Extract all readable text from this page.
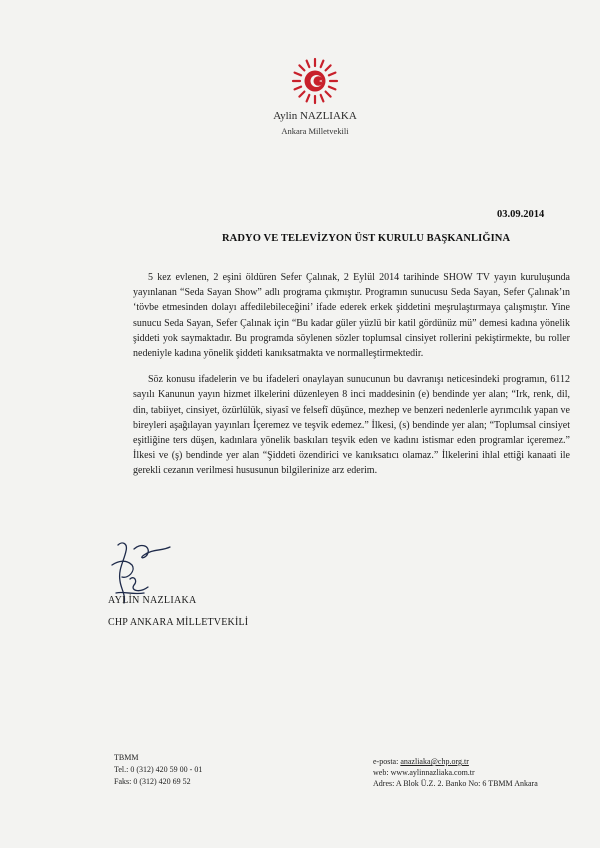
Aylin NAZLIAKA
Ankara Milletvekili
03.09.2014
RADYO VE TELEVİZYON ÜST KURULU BAŞKANLIĞINA

5 kez evlenen, 2 eşini öldüren Sefer Çalınak, 2 Eylül 2014 tarihinde SHOW TV yayın kuruluşunda yayınlanan “Seda Sayan Show” adlı programa çıkmıştır. Programın sunucusu Seda Sayan, Sefer Çalınak’ın ‘tövbe etmesinden dolayı affedilebileceğini’ ifade ederek erkek şiddetini meşrulaştırmaya çalışmıştır. Yine sunucu Seda Sayan, Sefer Çalınak için “Bu kadar güler yüzlü bir katil gördünüz mü” demesi kadına yönelik şiddeti yok saymaktadır. Bu programda söylenen sözler toplumsal cinsiyet rollerini pekiştirmekte, bu roller nedeniyle kadına yönelik şiddeti kanıksatmakta ve normalleştirmektedir.

Söz konusu ifadelerin ve bu ifadeleri onaylayan sunucunun bu davranışı neticesindeki programın, 6112 sayılı Kanunun yayın hizmet ilkelerini düzenleyen 8 inci maddesinin (e) bendinde yer alan; “Irk, renk, dil, din, tabiiyet, cinsiyet, özürlülük, siyasî ve felsefî düşünce, mezhep ve benzeri nedenlerle ayrımcılık yapan ve bireyleri aşağılayan yayınları İçeremez ve teşvik edemez.” İlkesi, (s) bendinde yer alan; “Toplumsal cinsiyet eşitliğine ters düşen, kadınlara yönelik baskıları teşvik eden ve kadını istismar eden programlar içeremez.” İlkesi ve (ş) bendinde yer alan “Şiddeti özendirici ve kanıksatıcı olamaz.” İlkelerini ihlal ettiği kanaati ile gerekli cezanın verilmesi hususunun bilgilerinize arz ederim.

AYLİN NAZLIAKA
CHP ANKARA MİLLETVEKİLİ
TBMM
Tel.: 0 (312) 420 59 00 - 01
Faks: 0 (312) 420 69 52
e-posta: anazliaka@chp.org.tr
web: www.aylinnazliaka.com.tr
Adres: A Blok Ü.Z. 2. Banko No: 6 TBMM Ankara
